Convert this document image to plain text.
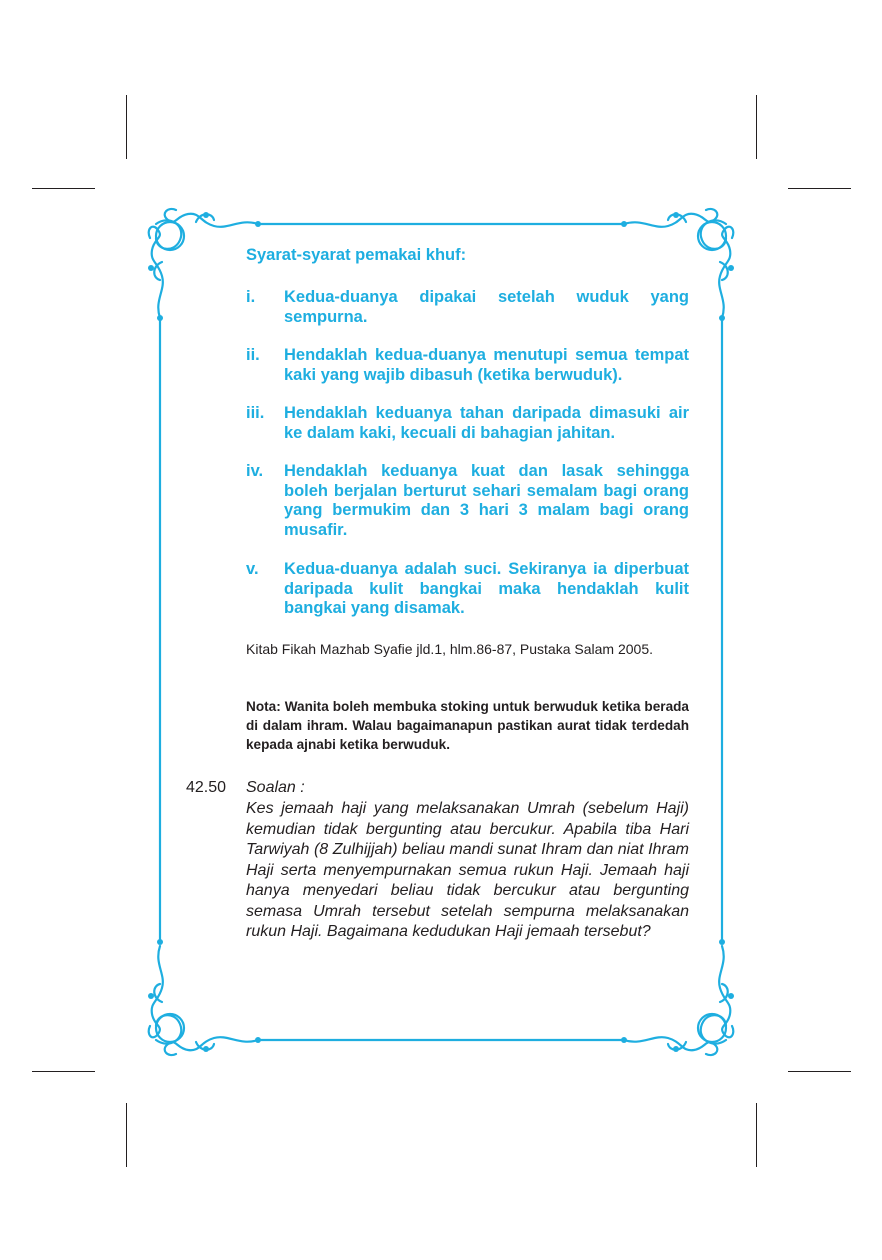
Syarat-syarat pemakai khuf:
i. Kedua-duanya dipakai setelah wuduk yang sempurna.
ii. Hendaklah kedua-duanya menutupi semua tempat kaki yang wajib dibasuh (ketika berwuduk).
iii. Hendaklah keduanya tahan daripada dimasuki air ke dalam kaki, kecuali di bahagian jahitan.
iv. Hendaklah keduanya kuat dan lasak sehingga boleh berjalan berturut sehari semalam bagi orang yang bermukim dan 3 hari 3 malam bagi orang musafir.
v. Kedua-duanya adalah suci. Sekiranya ia diperbuat daripada kulit bangkai maka hendaklah kulit bangkai yang disamak.
Kitab Fikah Mazhab Syafie jld.1, hlm.86-87, Pustaka Salam 2005.
Nota: Wanita boleh membuka stoking untuk berwuduk ketika berada di dalam ihram. Walau bagaimanapun pastikan aurat tidak terdedah kepada ajnabi ketika berwuduk.
42.50 Soalan :
Kes jemaah haji yang melaksanakan Umrah (sebelum Haji) kemudian tidak bergunting atau bercukur. Apabila tiba Hari Tarwiyah (8 Zulhijjah) beliau mandi sunat Ihram dan niat Ihram Haji serta menyempurnakan semua rukun Haji. Jemaah haji hanya menyedari beliau tidak bercukur atau bergunting semasa Umrah tersebut setelah sempurna melaksanakan rukun Haji. Bagaimana kedudukan Haji jemaah tersebut?
